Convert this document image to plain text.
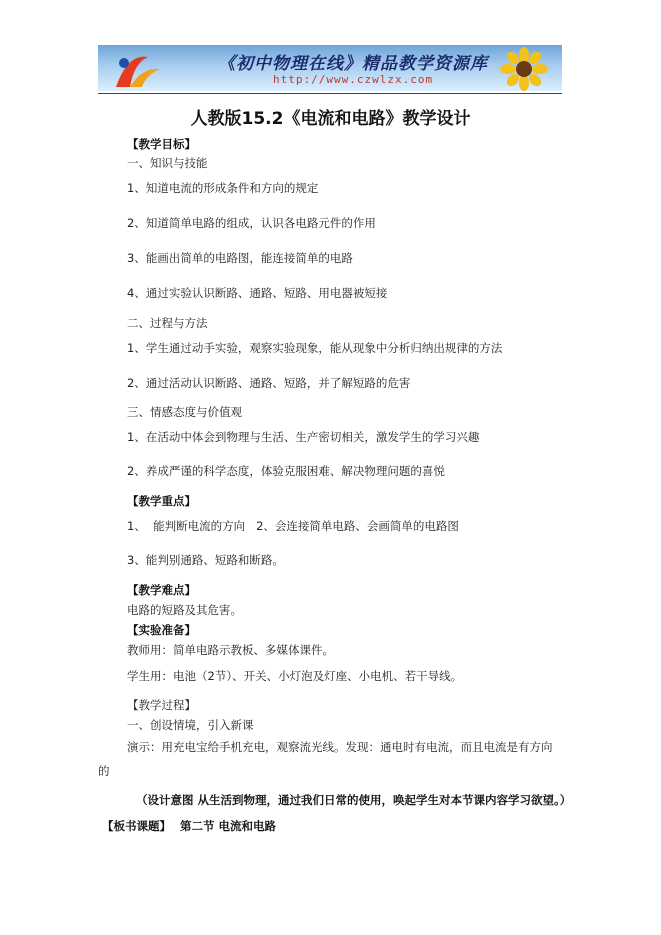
《初中物理在线》精品教学资源库
http://www.czwlzx.com
人教版15.2《电流和电路》教学设计
【教学目标】
一、知识与技能
1、知道电流的形成条件和方向的规定
2、知道简单电路的组成，认识各电路元件的作用
3、能画出简单的电路图，能连接简单的电路
4、通过实验认识断路、通路、短路、用电器被短接
二、过程与方法
1、学生通过动手实验，观察实验现象，能从现象中分析归纳出规律的方法
2、通过活动认识断路、通路、短路，并了解短路的危害
三、情感态度与价值观
1、在活动中体会到物理与生活、生产密切相关，激发学生的学习兴趣
2、养成严谨的科学态度，体验克服困难、解决物理问题的喜悦
【教学重点】
1、  能判断电流的方向   2、会连接简单电路、会画简单的电路图
3、能判别通路、短路和断路。
【教学难点】
电路的短路及其危害。
【实验准备】
教师用：简单电路示教板、多媒体课件。
学生用：电池（2节）、开关、小灯泡及灯座、小电机、若干导线。
【教学过程】
一、创设情境，引入新课
演示：用充电宝给手机充电，观察流光线。发现：通电时有电流，而且电流是有方向
的
（设计意图 从生活到物理，通过我们日常的使用，唤起学生对本节课内容学习欲望。）
【板书课题】 第二节 电流和电路
